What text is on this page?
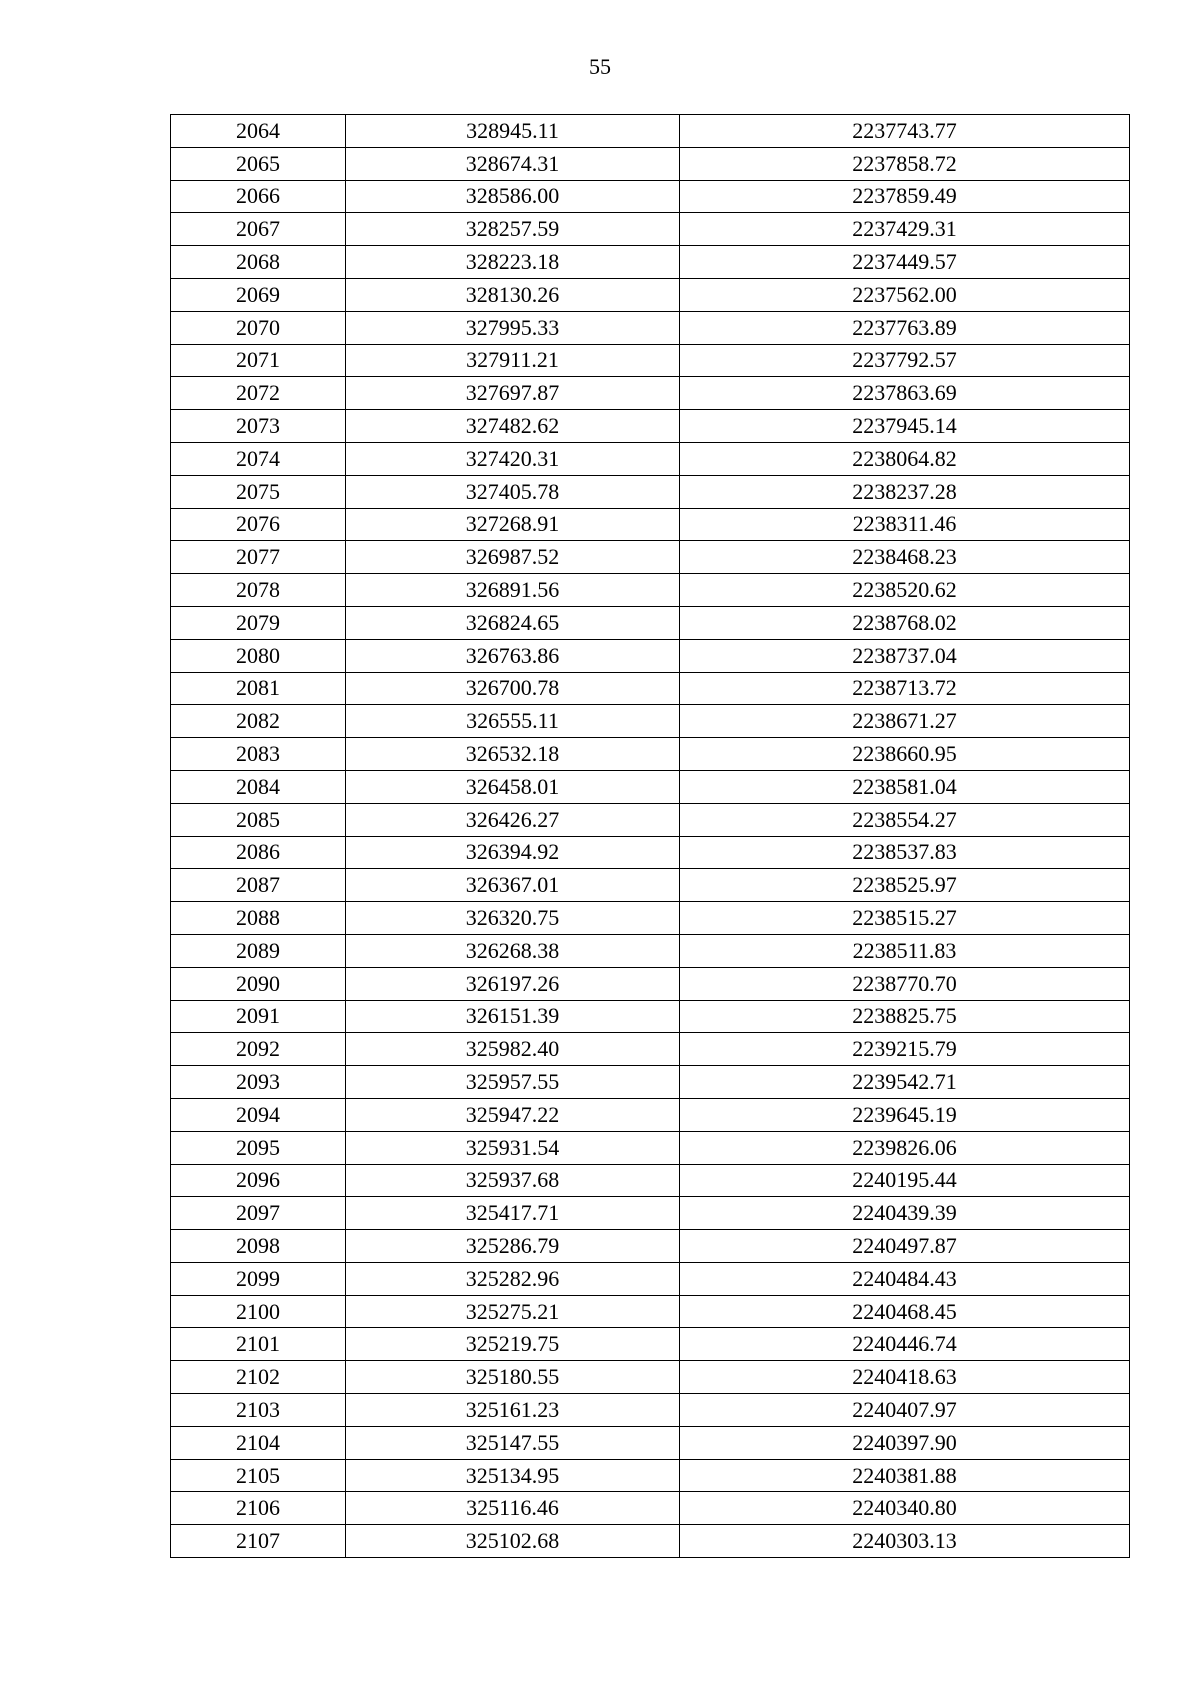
55
2064	328945.11	2237743.77
2065	328674.31	2237858.72
2066	328586.00	2237859.49
2067	328257.59	2237429.31
2068	328223.18	2237449.57
2069	328130.26	2237562.00
2070	327995.33	2237763.89
2071	327911.21	2237792.57
2072	327697.87	2237863.69
2073	327482.62	2237945.14
2074	327420.31	2238064.82
2075	327405.78	2238237.28
2076	327268.91	2238311.46
2077	326987.52	2238468.23
2078	326891.56	2238520.62
2079	326824.65	2238768.02
2080	326763.86	2238737.04
2081	326700.78	2238713.72
2082	326555.11	2238671.27
2083	326532.18	2238660.95
2084	326458.01	2238581.04
2085	326426.27	2238554.27
2086	326394.92	2238537.83
2087	326367.01	2238525.97
2088	326320.75	2238515.27
2089	326268.38	2238511.83
2090	326197.26	2238770.70
2091	326151.39	2238825.75
2092	325982.40	2239215.79
2093	325957.55	2239542.71
2094	325947.22	2239645.19
2095	325931.54	2239826.06
2096	325937.68	2240195.44
2097	325417.71	2240439.39
2098	325286.79	2240497.87
2099	325282.96	2240484.43
2100	325275.21	2240468.45
2101	325219.75	2240446.74
2102	325180.55	2240418.63
2103	325161.23	2240407.97
2104	325147.55	2240397.90
2105	325134.95	2240381.88
2106	325116.46	2240340.80
2107	325102.68	2240303.13
